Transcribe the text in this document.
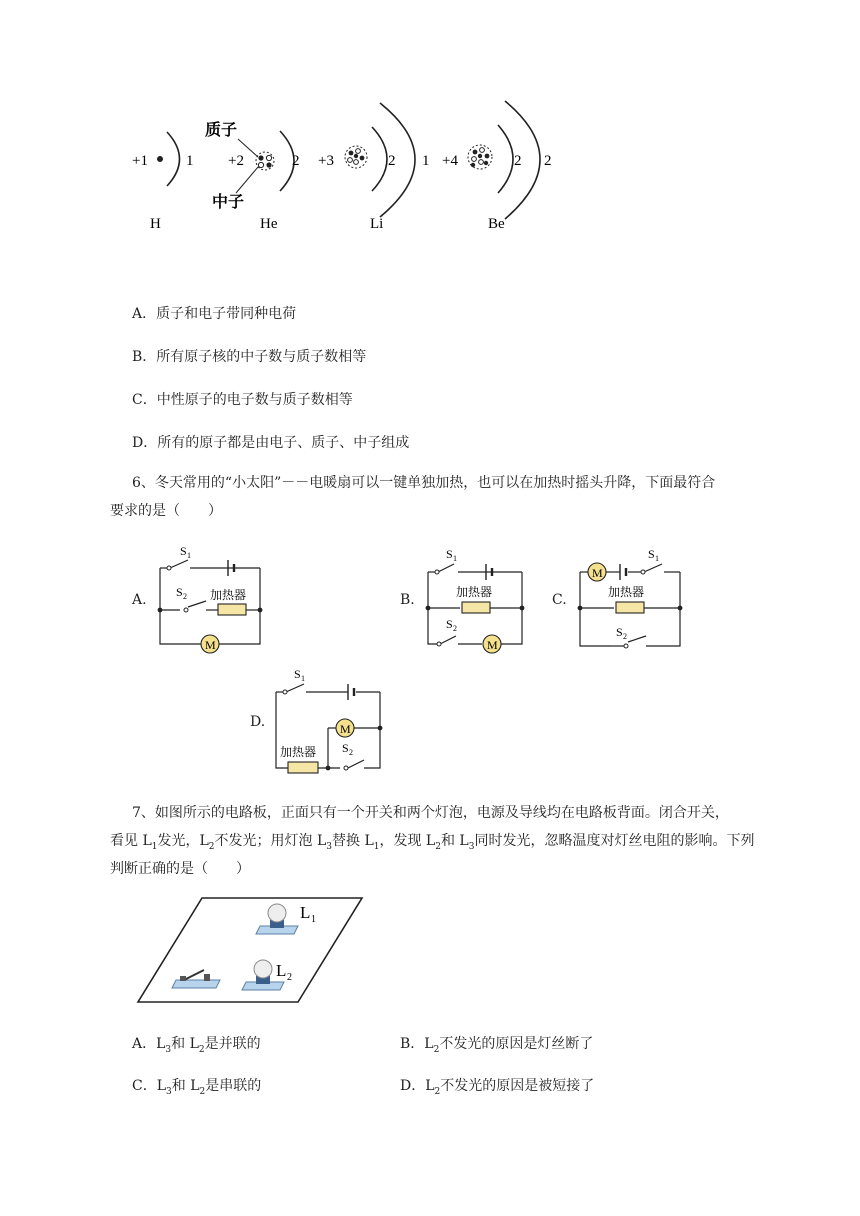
+1	1
H
质子
+2
中子
2
He
+3	2 1
Li
+4	2 2
Be
A．质子和电子带同种电荷
B．所有原子核的中子数与质子数相等
C．中性原子的电子数与质子数相等
D．所有的原子都是由电子、质子、中子组成
6、冬天常用的“小太阳”－－电暖扇可以一键单独加热，也可以在加热时摇头升降，下面最符合
要求的是（　　）
A.
M
S 1
S 2 加热器	B.
M
S 1
S 2
加热器	C.
M
S 1
S 2
加热器
D.	M
S 1
S 2
加热器
7、如图所示的电路板，正面只有一个开关和两个灯泡，电源及导线均在电路板背面。闭合开关，
看见 $L_1$发光，$L_2$不发光；用灯泡 $L_3$替换 $L_1$，发现 $L_2$和 $L_3$同时发光，忽略温度对灯丝电阻的影响。下列
判断正确的是（　　）
L 1
L 2
A．$L_3$和 $L_2$是并联的	B．$L_2$不发光的原因是灯丝断了
C．$L_3$和 $L_2$是串联的	D．$L_2$不发光的原因是被短接了
